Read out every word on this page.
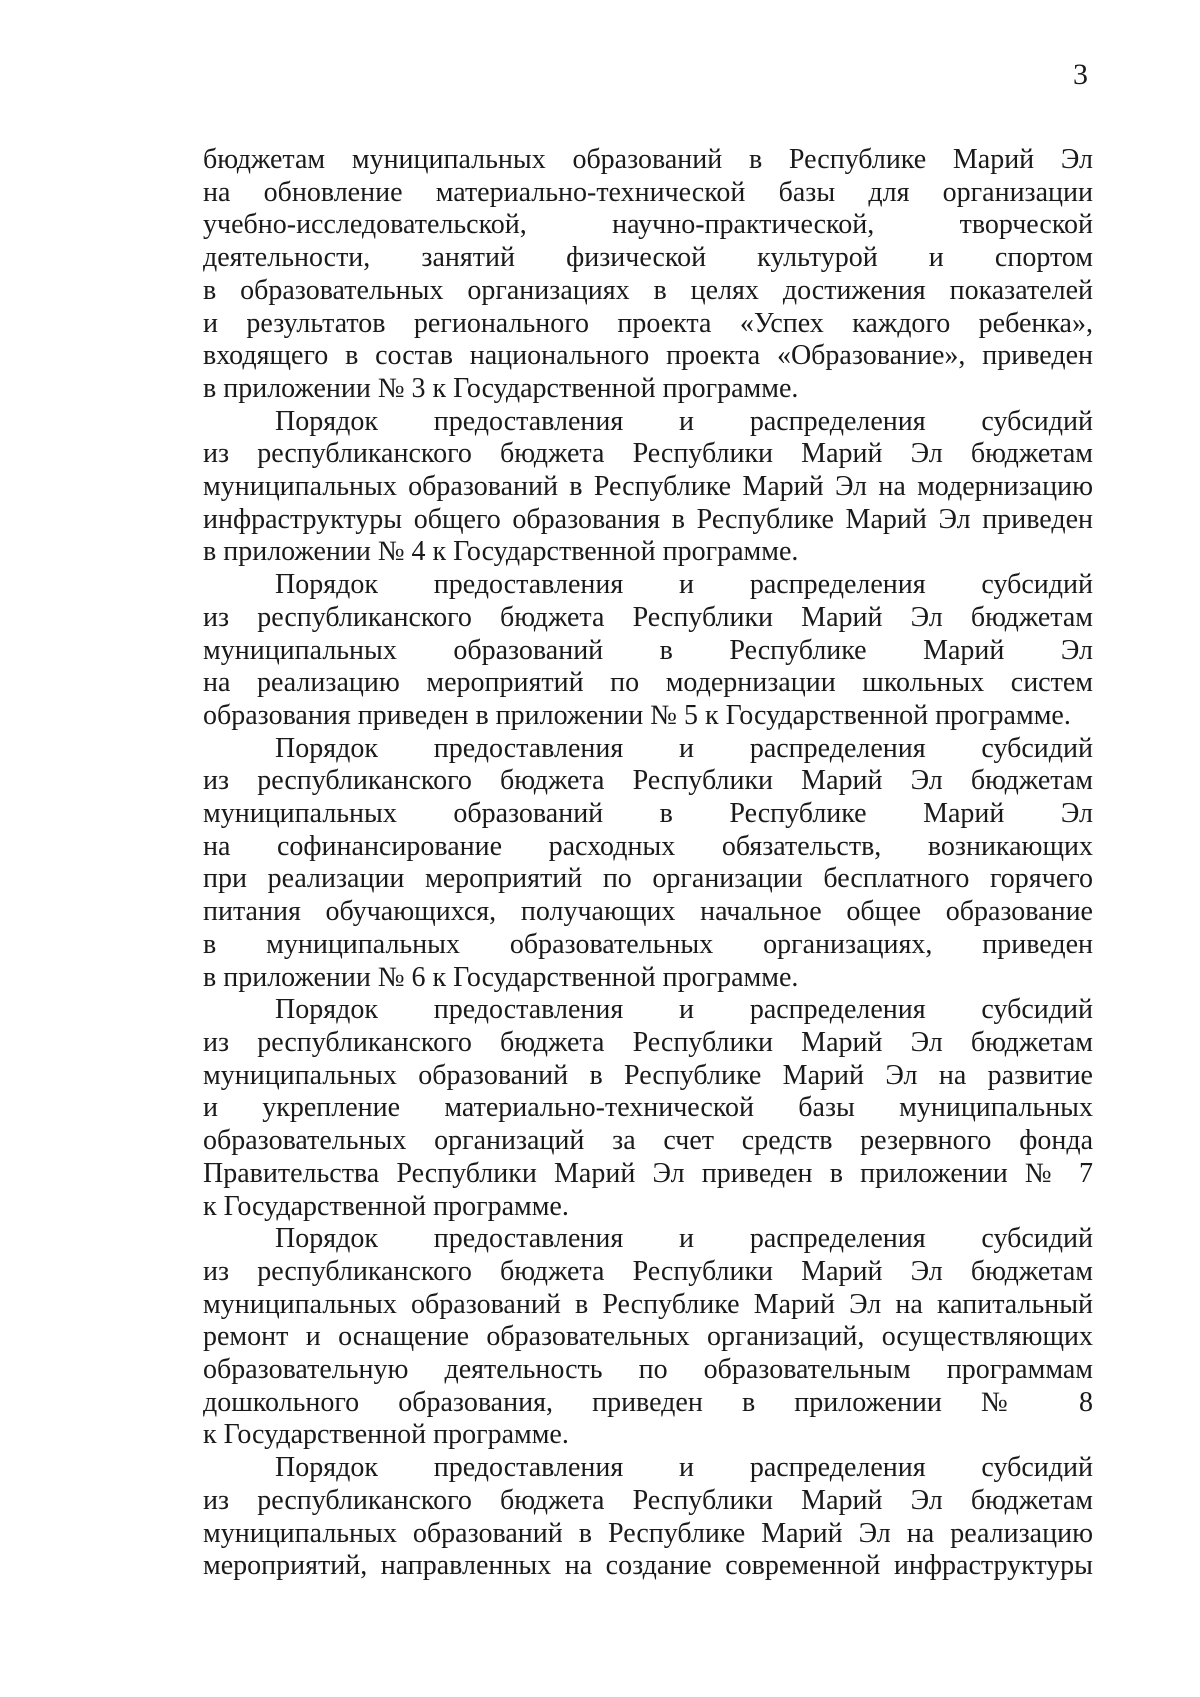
3
бюджетам муниципальных образований в Республике Марий Эл
на обновление материально-технической базы для организации
учебно-исследовательской, научно-практической, творческой
деятельности, занятий физической культурой и спортом
в образовательных организациях в целях достижения показателей
и результатов регионального проекта «Успех каждого ребенка»,
входящего в состав национального проекта «Образование», приведен
в приложении № 3 к Государственной программе.
Порядок предоставления и распределения субсидий
из республиканского бюджета Республики Марий Эл бюджетам
муниципальных образований в Республике Марий Эл на модернизацию
инфраструктуры общего образования в Республике Марий Эл приведен
в приложении № 4 к Государственной программе.
Порядок предоставления и распределения субсидий
из республиканского бюджета Республики Марий Эл бюджетам
муниципальных образований в Республике Марий Эл
на реализацию мероприятий по модернизации школьных систем
образования приведен в приложении № 5 к Государственной программе.
Порядок предоставления и распределения субсидий
из республиканского бюджета Республики Марий Эл бюджетам
муниципальных образований в Республике Марий Эл
на софинансирование расходных обязательств, возникающих
при реализации мероприятий по организации бесплатного горячего
питания обучающихся, получающих начальное общее образование
в муниципальных образовательных организациях, приведен
в приложении № 6 к Государственной программе.
Порядок предоставления и распределения субсидий
из республиканского бюджета Республики Марий Эл бюджетам
муниципальных образований в Республике Марий Эл на развитие
и укрепление материально-технической базы муниципальных
образовательных организаций за счет средств резервного фонда
Правительства Республики Марий Эл приведен в приложении № 7
к Государственной программе.
Порядок предоставления и распределения субсидий
из республиканского бюджета Республики Марий Эл бюджетам
муниципальных образований в Республике Марий Эл на капитальный
ремонт и оснащение образовательных организаций, осуществляющих
образовательную деятельность по образовательным программам
дошкольного образования, приведен в приложении № 8
к Государственной программе.
Порядок предоставления и распределения субсидий
из республиканского бюджета Республики Марий Эл бюджетам
муниципальных образований в Республике Марий Эл на реализацию
мероприятий, направленных на создание современной инфраструктуры
